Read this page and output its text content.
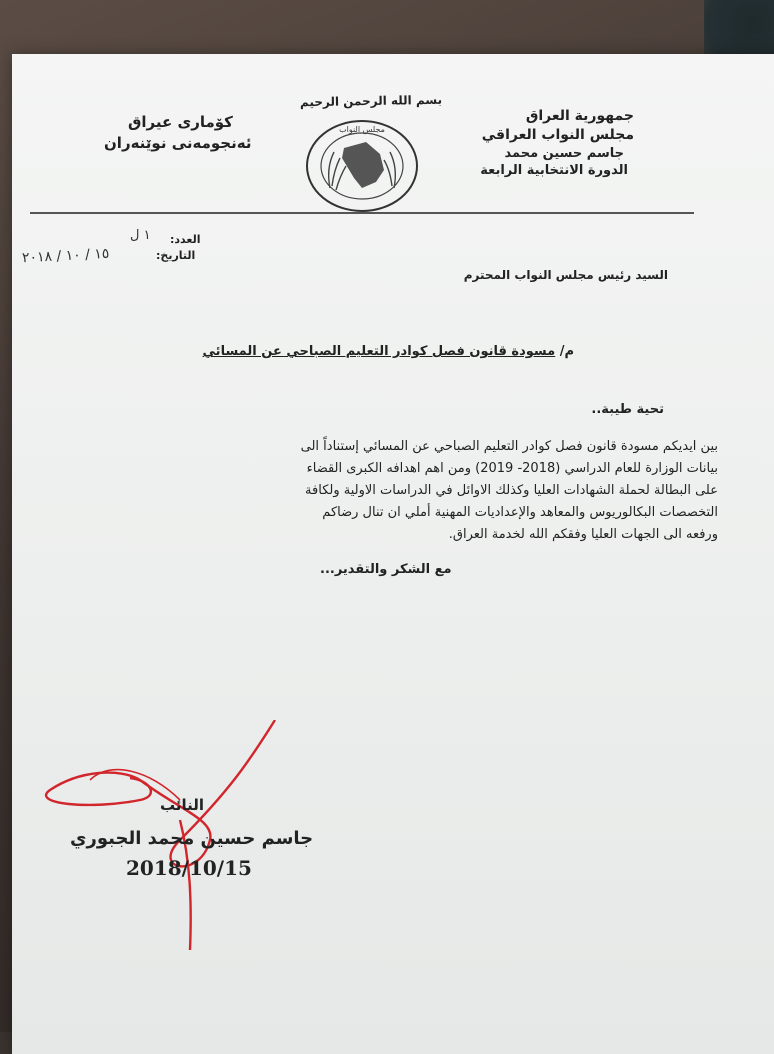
بسم الله الرحمن الرحيم
جمهورية العراق
مجلس النواب العراقي
جاسم حسين محمد
الدورة الانتخابية الرابعة
كۆماری عیراق
ئەنجومەنی نوێنەران
مجلس النواب
العدد:
١ ل
التاريخ:
١٥ / ١٠ / ٢٠١٨
السيد رئيس مجلس النواب المحترم
م/ مسودة قانون فصل كوادر التعليم الصباحي عن المسائي
تحية طيبة..
بين ايديكم مسودة قانون فصل كوادر التعليم الصباحي عن المسائي إستناداً الى
بيانات الوزارة للعام الدراسي (2018- 2019) ومن اهم اهدافه الكبرى القضاء
على البطالة لحملة الشهادات العليا وكذلك الاوائل في الدراسات الاولية ولكافة
التخصصات البكالوريوس والمعاهد والإعداديات المهنية أملي ان تنال رضاكم
ورفعه الى الجهات العليا وفقكم الله لخدمة العراق.
مع الشكر والتقدير...
النائب
جاسم حسين محمد الجبوري
2018/10/15
